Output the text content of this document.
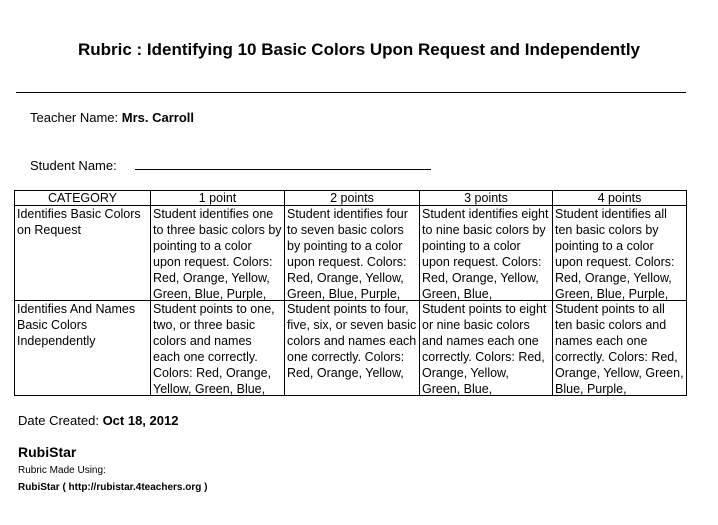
Rubric : Identifying 10 Basic Colors Upon Request and Independently
Teacher Name: Mrs. Carroll
Student Name:
CATEGORY	1 point	2 points	3 points	4 points

Identifies Basic Colors on Request	Student identifies one to three basic colors by pointing to a color upon request. Colors: Red, Orange, Yellow, Green, Blue, Purple,	Student identifies four to seven basic colors by pointing to a color upon request. Colors: Red, Orange, Yellow, Green, Blue, Purple,	Student identifies eight to nine basic colors by pointing to a color upon request. Colors: Red, Orange, Yellow, Green, Blue,	Student identifies all ten basic colors by pointing to a color upon request. Colors: Red, Orange, Yellow, Green, Blue, Purple,

Identifies And Names Basic Colors Independently	Student points to one, two, or three basic colors and names each one correctly. Colors: Red, Orange, Yellow, Green, Blue,	Student points to four, five, six, or seven basic colors and names each one correctly. Colors: Red, Orange, Yellow,	Student points to eight or nine basic colors and names each one correctly. Colors: Red, Orange, Yellow, Green, Blue,	Student points to all ten basic colors and names each one correctly. Colors: Red, Orange, Yellow, Green, Blue, Purple,
Date Created: Oct 18, 2012
RubiStar
Rubric Made Using:
RubiStar ( http://rubistar.4teachers.org )
